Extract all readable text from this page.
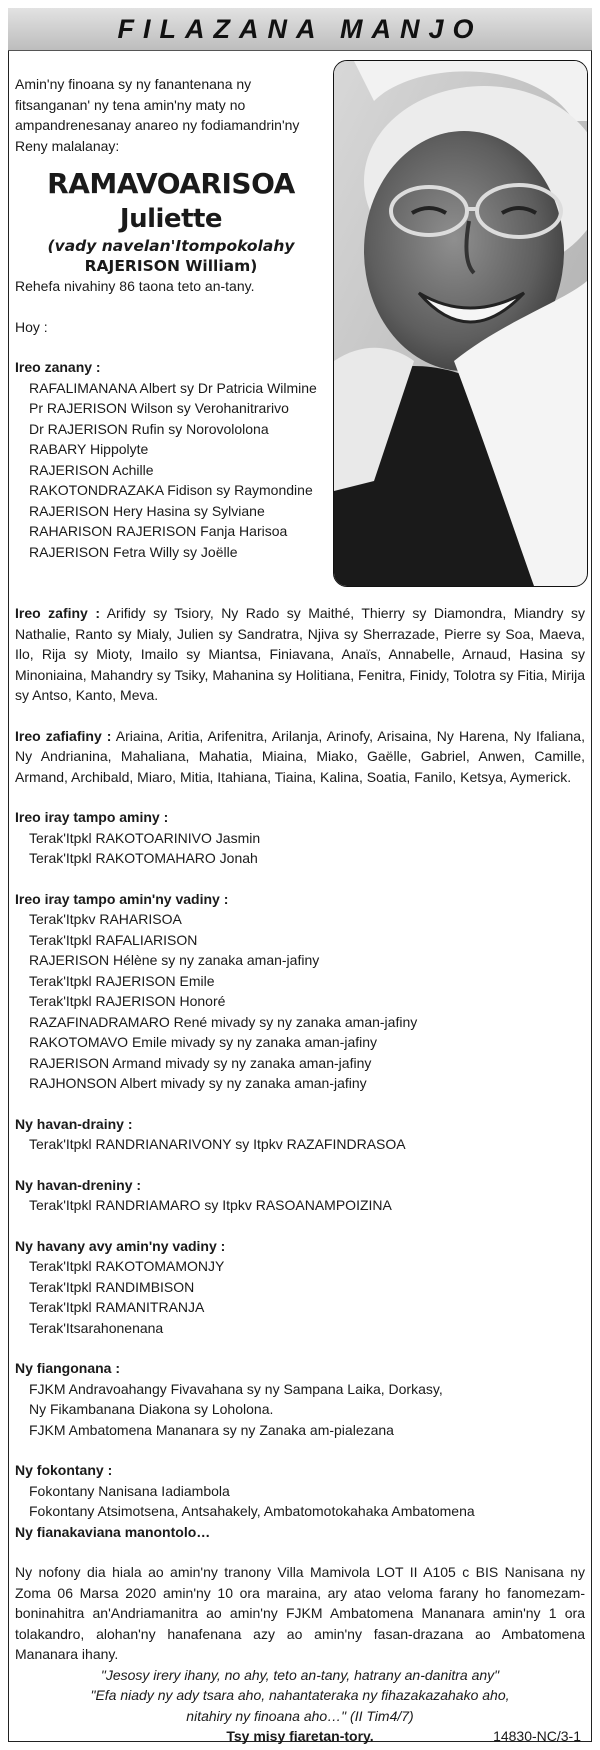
FILAZANA MANJO

Amin'ny finoana sy ny fanantenana ny fitsanganan' ny tena amin'ny maty no ampandrenesanay anareo ny fodiamandrin'ny Reny malalanay:

RAMAVOARISOA
Juliette
(vady navelan'Itompokolahy
RAJERISON William)

Rehefa nivahiny 86 taona teto an-tany.

Hoy :

Ireo zanany :

RAFALIMANANA Albert sy Dr Patricia Wilmine
Pr RAJERISON Wilson sy Verohanitrarivo
Dr RAJERISON Rufin sy Norovololona
RABARY Hippolyte
RAJERISON Achille
RAKOTONDRAZAKA Fidison sy Raymondine
RAJERISON Hery Hasina sy Sylviane
RAHARISON RAJERISON Fanja Harisoa
RAJERISON Fetra Willy sy Joëlle

Ireo zafiny : Arifidy sy Tsiory, Ny Rado sy Maithé, Thierry sy Diamondra, Miandry sy Nathalie, Ranto sy Mialy, Julien sy Sandratra, Njiva sy Sherrazade, Pierre sy Soa, Maeva, Ilo, Rija sy Mioty, Imailo sy Miantsa, Finiavana, Anaïs, Annabelle, Arnaud, Hasina sy Minoniaina, Mahandry sy Tsiky, Mahanina sy Holitiana, Fenitra, Finidy, Tolotra sy Fitia, Mirija sy Antso, Kanto, Meva.

Ireo zafiafiny : Ariaina, Aritia, Arifenitra, Arilanja, Arinofy, Arisaina, Ny Harena, Ny Ifaliana, Ny Andrianina, Mahaliana, Mahatia, Miaina, Miako, Gaëlle, Gabriel, Anwen, Camille, Armand, Archibald, Miaro, Mitia, Itahiana, Tiaina, Kalina, Soatia, Fanilo, Ketsya, Aymerick.

Ireo iray tampo aminy :

Terak'Itpkl RAKOTOARINIVO Jasmin
Terak'Itpkl RAKOTOMAHARO Jonah

Ireo iray tampo amin'ny vadiny :

Terak'Itpkv RAHARISOA
Terak'Itpkl RAFALIARISON
RAJERISON Hélène sy ny zanaka aman-jafiny
Terak'Itpkl RAJERISON Emile
Terak'Itpkl RAJERISON Honoré
RAZAFINADRAMARO René mivady sy ny zanaka aman-jafiny
RAKOTOMAVO Emile mivady sy ny zanaka aman-jafiny
RAJERISON Armand mivady sy ny zanaka aman-jafiny
RAJHONSON Albert mivady sy ny zanaka aman-jafiny

Ny havan-drainy :

Terak'Itpkl RANDRIANARIVONY sy Itpkv RAZAFINDRASOA

Ny havan-dreniny :

Terak'Itpkl RANDRIAMARO sy Itpkv RASOANAMPOIZINA

Ny havany avy amin'ny vadiny :

Terak'Itpkl RAKOTOMAMONJY
Terak'Itpkl RANDIMBISON
Terak'Itpkl RAMANITRANJA
Terak'Itsarahonenana

Ny fiangonana :

FJKM Andravoahangy Fivavahana sy ny Sampana Laika, Dorkasy,
Ny Fikambanana Diakona sy Loholona.
FJKM Ambatomena Mananara sy ny Zanaka am-pialezana

Ny fokontany :

Fokontany Nanisana Iadiambola
Fokontany Atsimotsena, Antsahakely, Ambatomotokahaka Ambatomena

Ny fianakaviana manontolo…

Ny nofony dia hiala ao amin'ny tranony Villa Mamivola LOT II A105 c BIS Nanisana ny Zoma 06 Marsa 2020 amin'ny 10 ora maraina, ary atao veloma farany ho fanomezam-boninahitra an'Andriamanitra ao amin'ny FJKM Ambatomena Mananara amin'ny 1 ora tolakandro, alohan'ny hanafenana azy ao amin'ny fasan-drazana ao Ambatomena Mananara ihany.

"Jesosy irery ihany, no ahy, teto an-tany, hatrany an-danitra any"
"Efa niady ny ady tsara aho, nahantateraka ny fihazakazahako aho,
nitahiry ny finoana aho…" (II Tim4/7)
Tsy misy fiaretan-tory.	14830-NC/3-1
